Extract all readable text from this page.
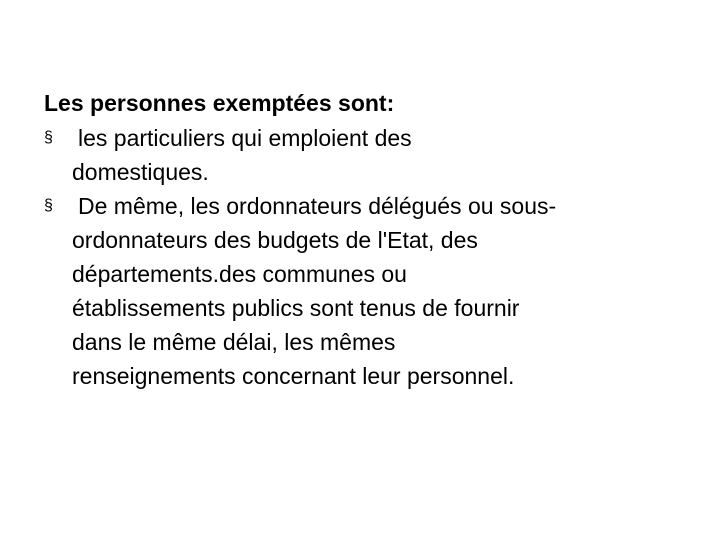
Les personnes exemptées sont:
§	les particuliers qui emploient des
domestiques.
§	De même, les ordonnateurs délégués ou sous-
ordonnateurs des budgets de l'Etat, des
départements.des communes ou
établissements publics sont tenus de fournir
dans le même délai, les mêmes
renseignements concernant leur personnel.
